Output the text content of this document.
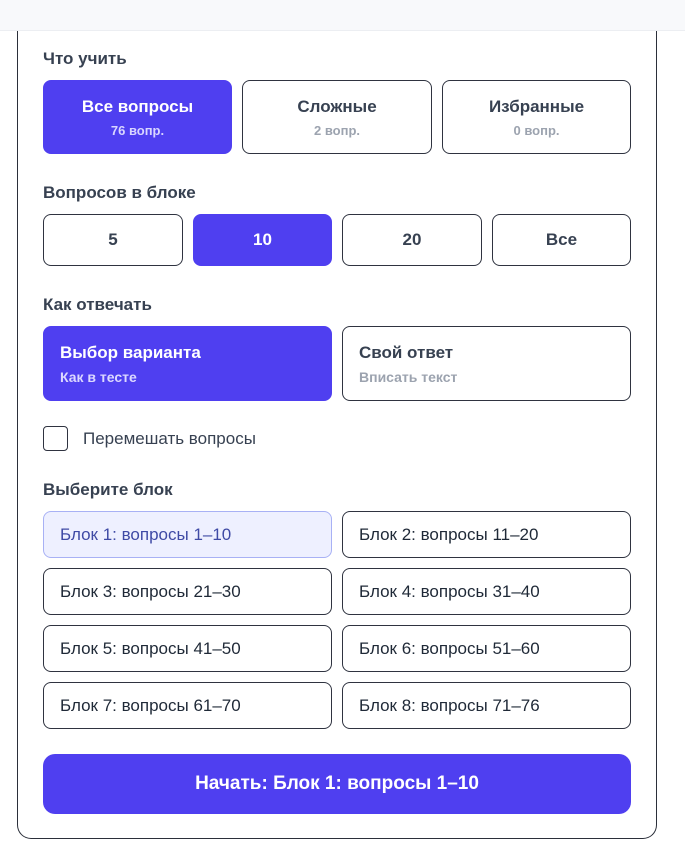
Что учить
Все вопросы
76 вопр.
Сложные
2 вопр.
Избранные
0 вопр.
Вопросов в блоке
5	10	20	Все
Как отвечать
Выбор варианта
Как в тесте
Свой ответ
Вписать текст
Перемешать вопросы
Выберите блок
Блок 1: вопросы 1–10	Блок 2: вопросы 11–20
Блок 3: вопросы 21–30	Блок 4: вопросы 31–40
Блок 5: вопросы 41–50	Блок 6: вопросы 51–60
Блок 7: вопросы 61–70	Блок 8: вопросы 71–76
Начать: Блок 1: вопросы 1–10
